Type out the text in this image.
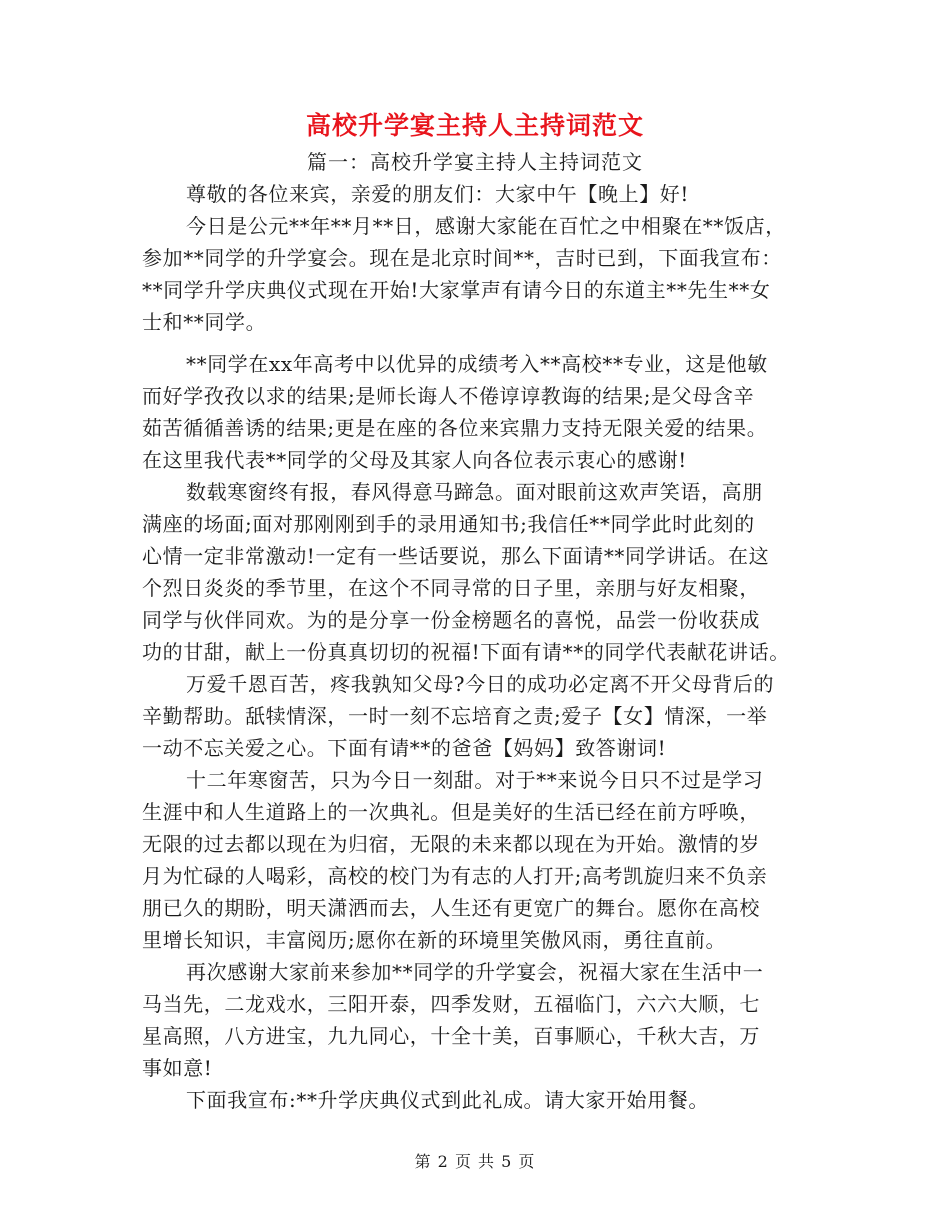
高校升学宴主持人主持词范文
篇一：高校升学宴主持人主持词范文
尊敬的各位来宾，亲爱的朋友们：大家中午【晚上】好!
今日是公元**年**月**日，感谢大家能在百忙之中相聚在**饭店，
参加**同学的升学宴会。现在是北京时间**，吉时已到，下面我宣布：
**同学升学庆典仪式现在开始!大家掌声有请今日的东道主**先生**女
士和**同学。
**同学在xx年高考中以优异的成绩考入**高校**专业，这是他敏
而好学孜孜以求的结果;是师长诲人不倦谆谆教诲的结果;是父母含辛
茹苦循循善诱的结果;更是在座的各位来宾鼎力支持无限关爱的结果。
在这里我代表**同学的父母及其家人向各位表示衷心的感谢!
数载寒窗终有报，春风得意马蹄急。面对眼前这欢声笑语，高朋
满座的场面;面对那刚刚到手的录用通知书;我信任**同学此时此刻的
心情一定非常激动!一定有一些话要说，那么下面请**同学讲话。在这
个烈日炎炎的季节里，在这个不同寻常的日子里，亲朋与好友相聚，
同学与伙伴同欢。为的是分享一份金榜题名的喜悦，品尝一份收获成
功的甘甜，献上一份真真切切的祝福!下面有请**的同学代表献花讲话。
万爱千恩百苦，疼我孰知父母?今日的成功必定离不开父母背后的
辛勤帮助。舐犊情深，一时一刻不忘培育之责;爱子【女】情深，一举
一动不忘关爱之心。下面有请**的爸爸【妈妈】致答谢词!
十二年寒窗苦，只为今日一刻甜。对于**来说今日只不过是学习
生涯中和人生道路上的一次典礼。但是美好的生活已经在前方呼唤，
无限的过去都以现在为归宿，无限的未来都以现在为开始。激情的岁
月为忙碌的人喝彩，高校的校门为有志的人打开;高考凯旋归来不负亲
朋已久的期盼，明天潇洒而去，人生还有更宽广的舞台。愿你在高校
里增长知识，丰富阅历;愿你在新的环境里笑傲风雨，勇往直前。
再次感谢大家前来参加**同学的升学宴会，祝福大家在生活中一
马当先，二龙戏水，三阳开泰，四季发财，五福临门，六六大顺，七
星高照，八方进宝，九九同心，十全十美，百事顺心，千秋大吉，万
事如意!
下面我宣布:**升学庆典仪式到此礼成。请大家开始用餐。
第 2 页 共 5 页
